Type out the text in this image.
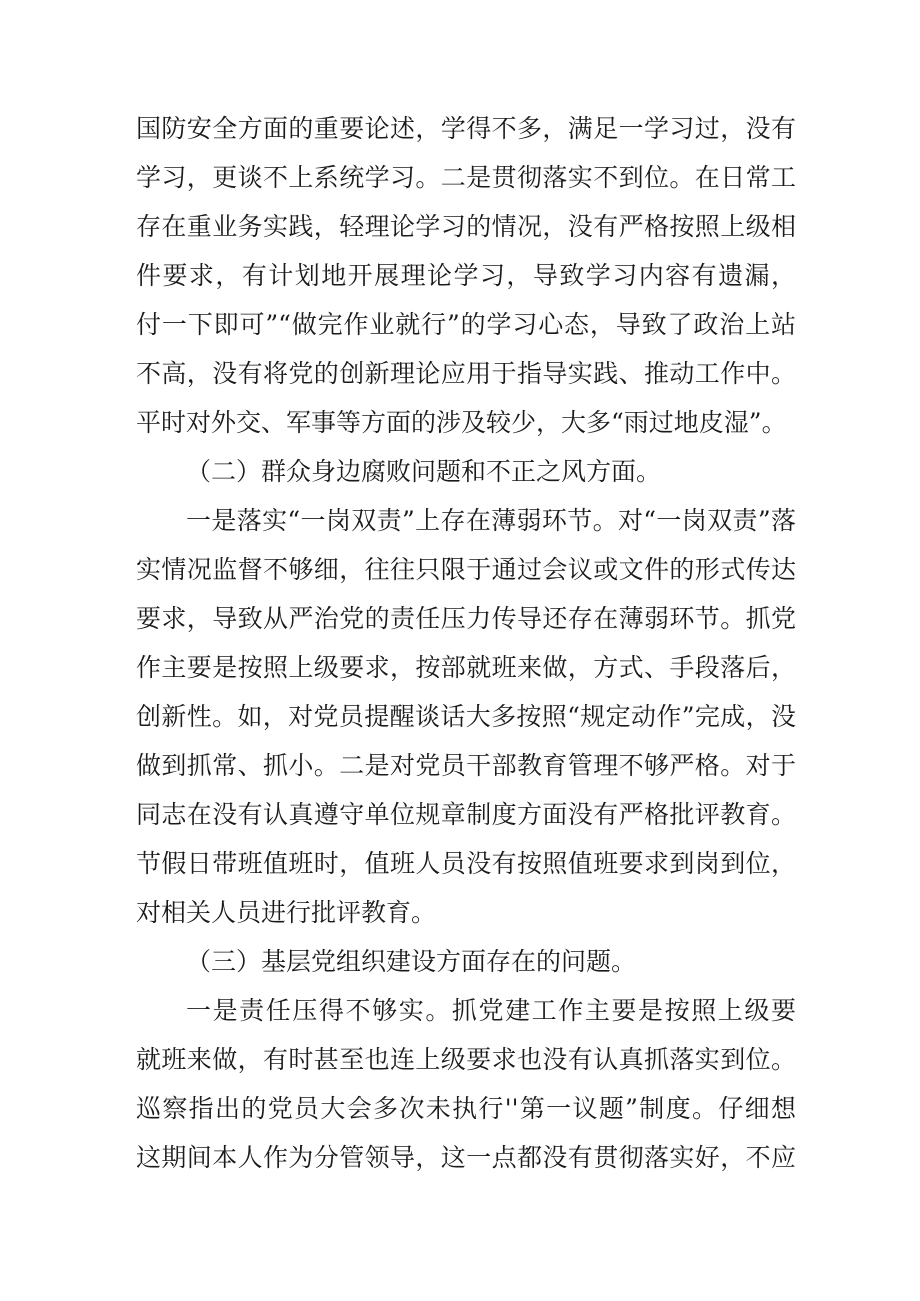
国防安全方面的重要论述，学得不多，满足一学习过，没有
学习，更谈不上系统学习。二是贯彻落实不到位。在日常工
存在重业务实践，轻理论学习的情况，没有严格按照上级相
件要求，有计划地开展理论学习，导致学习内容有遗漏，
付一下即可”“做完作业就行”的学习心态，导致了政治上站
不高，没有将党的创新理论应用于指导实践、推动工作中。
平时对外交、军事等方面的涉及较少，大多“雨过地皮湿”。
（二）群众身边腐败问题和不正之风方面。
一是落实“一岗双责”上存在薄弱环节。对“一岗双责”落
实情况监督不够细，往往只限于通过会议或文件的形式传达
要求，导致从严治党的责任压力传导还存在薄弱环节。抓党
作主要是按照上级要求，按部就班来做，方式、手段落后，
创新性。如，对党员提醒谈话大多按照“规定动作”完成，没
做到抓常、抓小。二是对党员干部教育管理不够严格。对于
同志在没有认真遵守单位规章制度方面没有严格批评教育。
节假日带班值班时，值班人员没有按照值班要求到岗到位，
对相关人员进行批评教育。
（三）基层党组织建设方面存在的问题。
一是责任压得不够实。抓党建工作主要是按照上级要
就班来做，有时甚至也连上级要求也没有认真抓落实到位。
巡察指出的党员大会多次未执行''第一议题”制度。仔细想
这期间本人作为分管领导，这一点都没有贯彻落实好，不应
